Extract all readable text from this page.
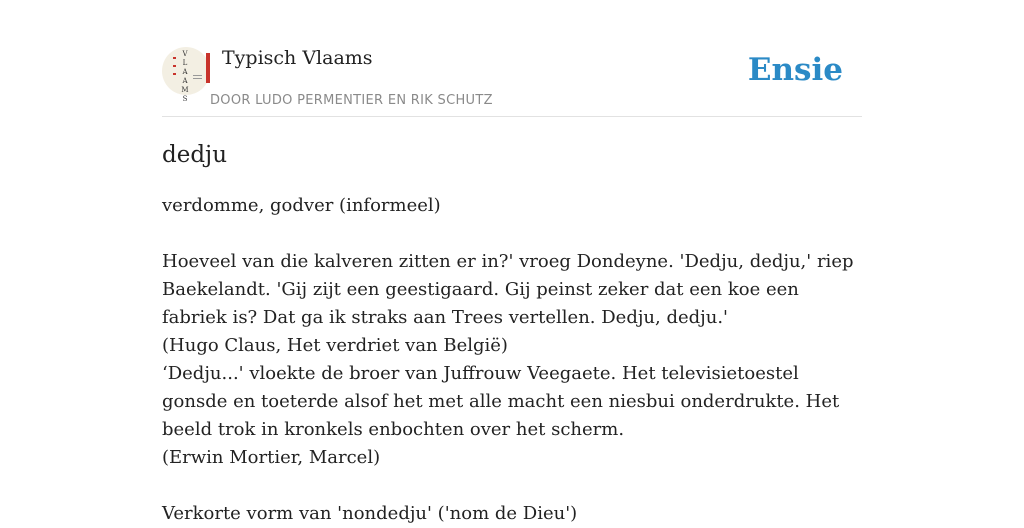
V
L
A
A
M
S
Typisch Vlaams
DOOR LUDO PERMENTIER EN RIK SCHUTZ
Ensie
dedju

verdomme, godver (informeel)

Hoeveel van die kalveren zitten er in?' vroeg Dondeyne. 'Dedju, dedju,' riep Baekelandt. 'Gij zijt een geestigaard. Gij peinst zeker dat een koe een fabriek is? Dat ga ik straks aan Trees vertellen. Dedju, dedju.'

(Hugo Claus, Het verdriet van België)

‘Dedju...' vloekte de broer van Juffrouw Veegaete. Het televisietoestel gonsde en toeterde alsof het met alle macht een niesbui onderdrukte. Het beeld trok in kronkels enbochten over het scherm.

(Erwin Mortier, Marcel)

Verkorte vorm van 'nondedju' ('nom de Dieu')
